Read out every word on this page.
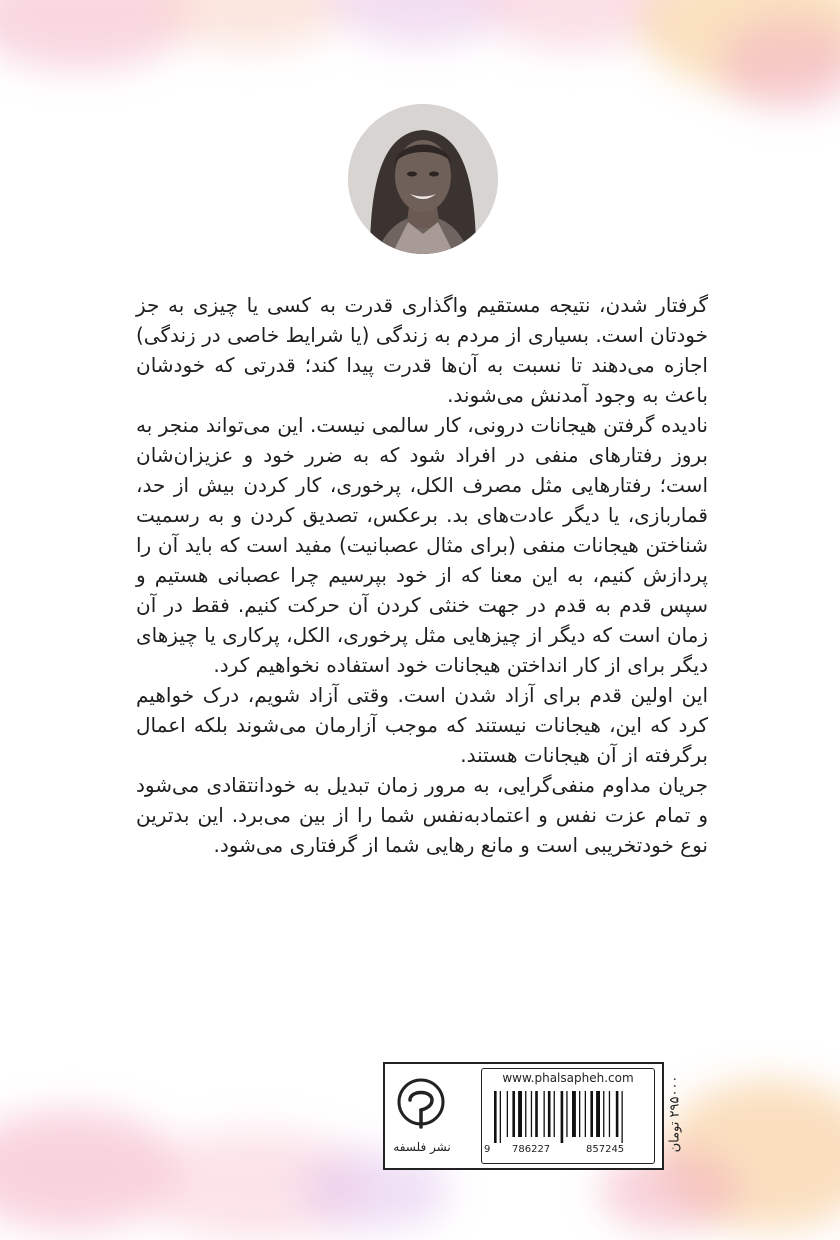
گرفتار شدن، نتیجه مستقیم واگذاری قدرت به کسی یا چیزی به جز خودتان است. بسیاری از مردم به زندگی (یا شرایط خاصی در زندگی) اجازه می‌دهند تا نسبت به آن‌ها قدرت پیدا کند؛ قدرتی که خودشان باعث به وجود آمدنش می‌شوند.

نادیده گرفتن هیجانات درونی، کار سالمی نیست. این می‌تواند منجر به بروز رفتارهای منفی در افراد شود که به ضرر خود و عزیزان‌شان است؛ رفتارهایی مثل مصرف الکل، پرخوری، کار کردن بیش از حد، قماربازی، یا دیگر عادت‌های بد. برعکس، تصدیق کردن و به رسمیت شناختن هیجانات منفی (برای مثال عصبانیت) مفید است که باید آن را پردازش کنیم، به این معنا که از خود بپرسیم چرا عصبانی هستیم و سپس قدم به قدم در جهت خنثی کردن آن حرکت کنیم. فقط در آن زمان است که دیگر از چیزهایی مثل پرخوری، الکل، پرکاری یا چیزهای دیگر برای از کار انداختن هیجانات خود استفاده نخواهیم کرد.

این اولین قدم برای آزاد شدن است. وقتی آزاد شویم، درک خواهیم کرد که این، هیجانات نیستند که موجب آزارمان می‌شوند بلکه اعمال برگرفته از آن هیجانات هستند.

جریان مداوم منفی‌گرایی، به مرور زمان تبدیل به خودانتقادی می‌شود و تمام عزت نفس و اعتماد‌به‌نفس شما را از بین می‌برد. این بدترین نوع خودتخریبی است و مانع رهایی شما از گرفتاری می‌شود.

نشر فلسفه
www.phalsapheh.com
9 786227	857245	۲۹۵۰۰۰ تومان
